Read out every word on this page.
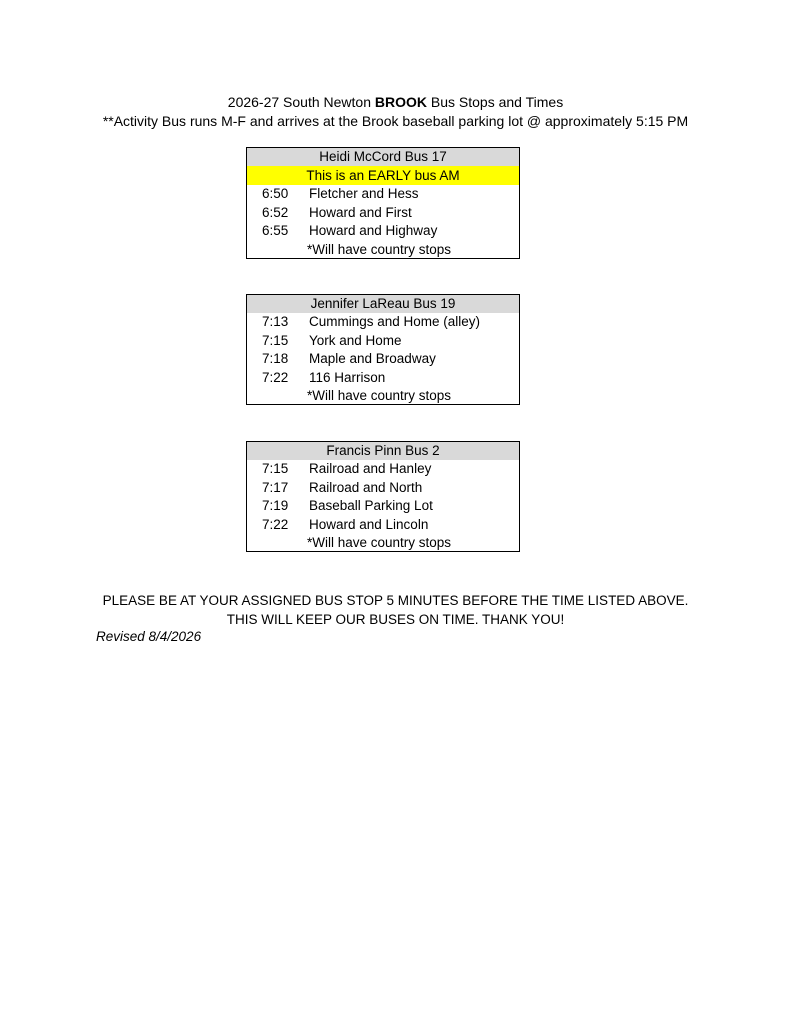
2026-27 South Newton BROOK Bus Stops and Times
**Activity Bus runs M-F and arrives at the Brook baseball parking lot @ approximately 5:15 PM
Heidi McCord Bus 17
This is an EARLY bus AM
6:50 Fletcher and Hess
6:52 Howard and First
6:55 Howard and Highway
*Will have country stops
Jennifer LaReau Bus 19
7:13 Cummings and Home (alley)
7:15 York and Home
7:18 Maple and Broadway
7:22 116 Harrison
*Will have country stops
Francis Pinn Bus 2
7:15 Railroad and Hanley
7:17 Railroad and North
7:19 Baseball Parking Lot
7:22 Howard and Lincoln
*Will have country stops
PLEASE BE AT YOUR ASSIGNED BUS STOP 5 MINUTES BEFORE THE TIME LISTED ABOVE.
THIS WILL KEEP OUR BUSES ON TIME. THANK YOU!
Revised 8/4/2026
